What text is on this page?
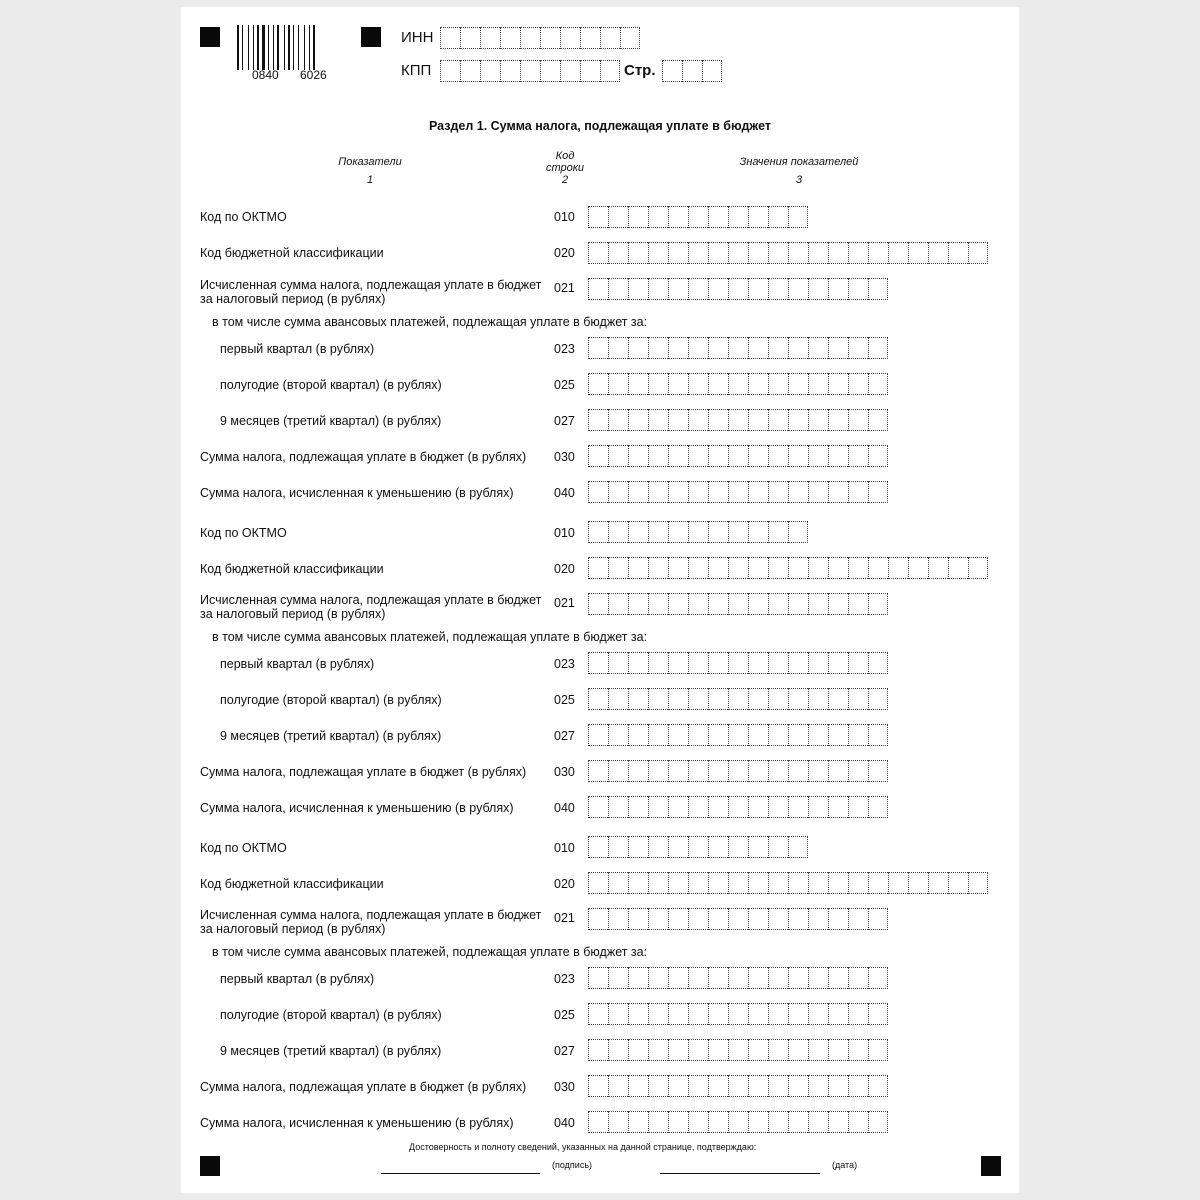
0840 6026
ИНН
КПП	Стр.
Раздел 1. Сумма налога, подлежащая уплате в бюджет
Показатели
1
Код
строки
2
Значения показателей
3
Код по ОКТМО	010
Код бюджетной классификации	020
Исчисленная сумма налога, подлежащая уплате в бюджет
за налоговый период (в рублях)
021
в том числе сумма авансовых платежей, подлежащая уплате в бюджет за:
первый квартал (в рублях)	023
полугодие (второй квартал) (в рублях)	025
9 месяцев (третий квартал) (в рублях)	027
Сумма налога, подлежащая уплате в бюджет (в рублях) 030
Сумма налога, исчисленная к уменьшению (в рублях)	040
Код по ОКТМО	010
Код бюджетной классификации	020
Исчисленная сумма налога, подлежащая уплате в бюджет
за налоговый период (в рублях)
021
в том числе сумма авансовых платежей, подлежащая уплате в бюджет за:
первый квартал (в рублях)	023
полугодие (второй квартал) (в рублях)	025
9 месяцев (третий квартал) (в рублях)	027
Сумма налога, подлежащая уплате в бюджет (в рублях) 030
Сумма налога, исчисленная к уменьшению (в рублях)	040
Код по ОКТМО	010
Код бюджетной классификации	020
Исчисленная сумма налога, подлежащая уплате в бюджет
за налоговый период (в рублях)
021
в том числе сумма авансовых платежей, подлежащая уплате в бюджет за:
первый квартал (в рублях)	023
полугодие (второй квартал) (в рублях)	025
9 месяцев (третий квартал) (в рублях)	027
Сумма налога, подлежащая уплате в бюджет (в рублях) 030
Сумма налога, исчисленная к уменьшению (в рублях)	040
Достоверность и полноту сведений, указанных на данной странице, подтверждаю:
(подпись)	(дата)
